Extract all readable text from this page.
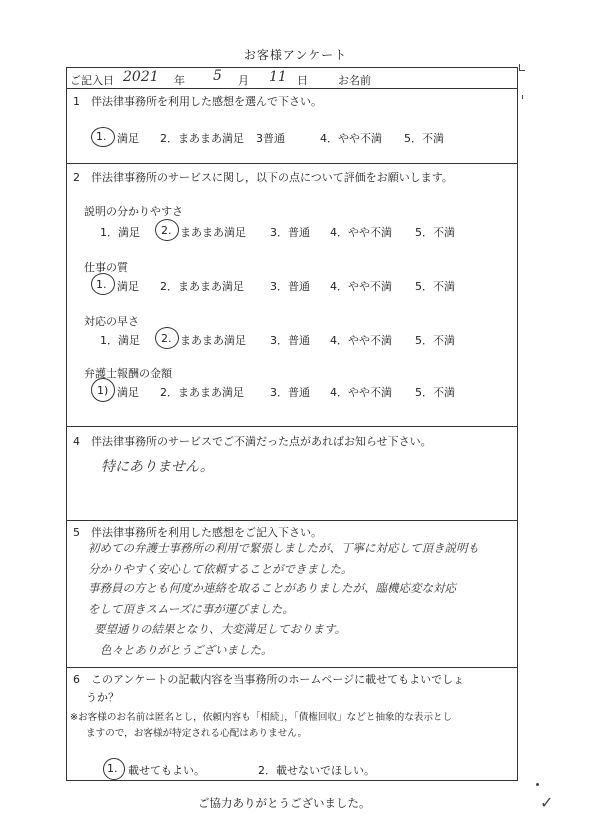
お客様アンケート
ご記入日 2021 年 5 月 11 日	お名前
1　伴法律事務所を利用した感想を選んで下さい。
1. 満足 2．まあまあ満足 3普通	4．やや不満 5．不満
2　伴法律事務所のサービスに関し，以下の点について評価をお願いします。
説明の分かりやすさ
1．満足 2. まあまあ満足 3．普通 4．やや不満 5．不満
仕事の質
1. 満足 2．まあまあ満足 3．普通 4．やや不満 5．不満
対応の早さ
1．満足 2. まあまあ満足 3．普通 4．やや不満 5．不満
弁護士報酬の金額
1) 満足 2．まあまあ満足 3．普通 4．やや不満 5．不満
4　伴法律事務所のサービスでご不満だった点があればお知らせ下さい。
特にありません。
5　伴法律事務所を利用した感想をご記入下さい。
初めての弁護士事務所の利用で緊張しましたが、丁寧に対応して頂き説明も
分かりやすく安心して依頼することができました。
事務員の方とも何度か連絡を取ることがありましたが、臨機応変な対応
をして頂きスムーズに事が運びました。
要望通りの結果となり、大変満足しております。
色々とありがとうございました。
6　このアンケートの記載内容を当事務所のホームページに載せてもよいでしょ
うか？
※お客様のお名前は匿名とし，依頼内容も「相続」，「債権回収」などと抽象的な表示とし
ますので，お客様が特定される心配はありません。
1. 載せてもよい。	2．載せないでほしい。
ご協力ありがとうございました。	✓
